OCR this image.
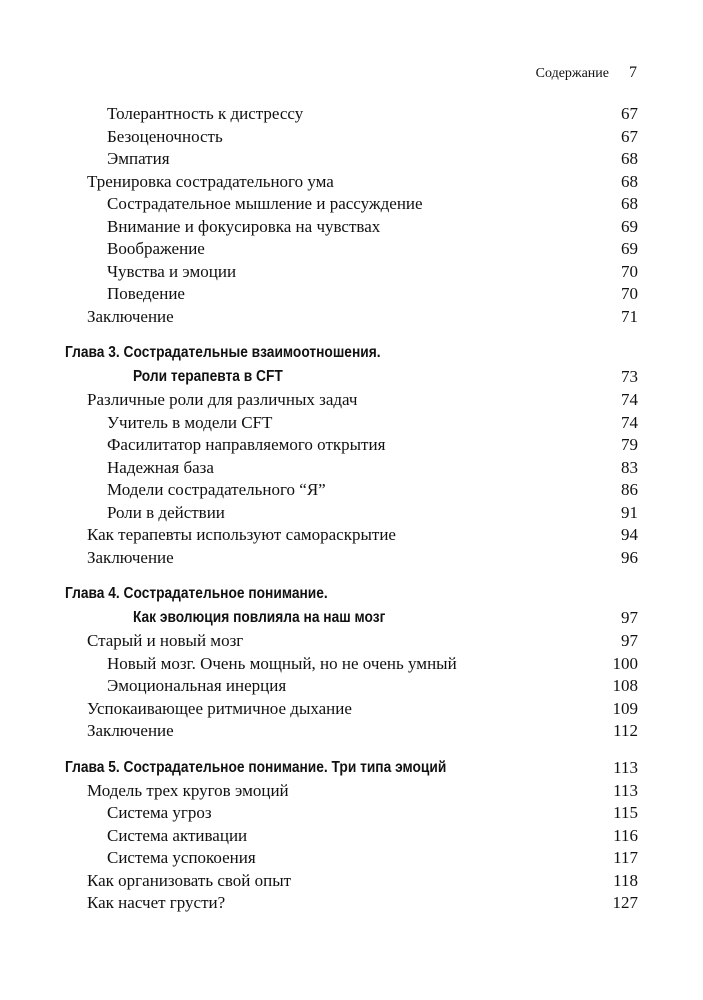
Содержание 7
Толерантность к дистрессу	67
Безоценочность	67
Эмпатия	68
Тренировка сострадательного ума	68
Сострадательное мышление и рассуждение	68
Внимание и фокусировка на чувствах	69
Воображение	69
Чувства и эмоции	70
Поведение	70
Заключение	71
Глава 3. Сострадательные взаимоотношения.
Роли терапевта в CFT	73
Различные роли для различных задач	74
Учитель в модели CFT	74
Фасилитатор направляемого открытия	79
Надежная база	83
Модели сострадательного “Я”	86
Роли в действии	91
Как терапевты используют самораскрытие	94
Заключение	96
Глава 4. Сострадательное понимание.
Как эволюция повлияла на наш мозг	97
Старый и новый мозг	97
Новый мозг. Очень мощный, но не очень умный	100
Эмоциональная инерция	108
Успокаивающее ритмичное дыхание	109
Заключение	112
Глава 5. Сострадательное понимание. Три типа эмоций	113
Модель трех кругов эмоций	113
Система угроз	115
Система активации	116
Система успокоения	117
Как организовать свой опыт	118
Как насчет грусти?	127
